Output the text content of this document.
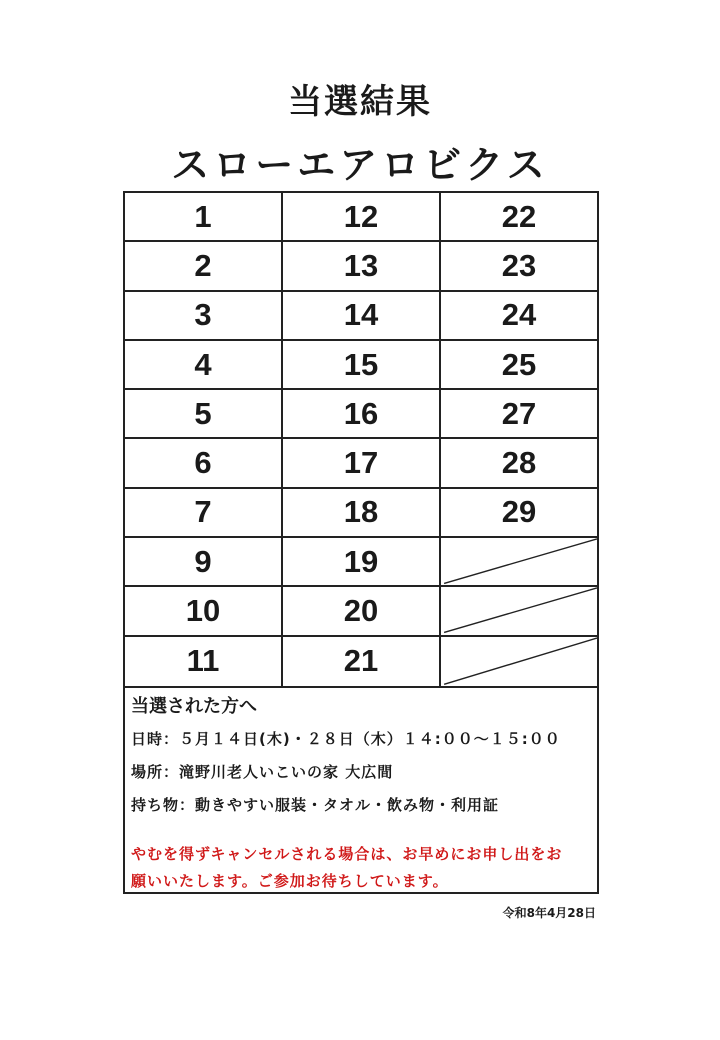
当選結果
スローエアロビクス
1	12	22
2	13	23
3	14	24
4	15	25
5	16	27
6	17	28
7	18	29
9	19
10	20
11	21
当選された方へ
日時：５月１４日(木)・２８日（木）１４:００～１５:００
場所：滝野川老人いこいの家 大広間
持ち物：動きやすい服装・タオル・飲み物・利用証
やむを得ずキャンセルされる場合は、お早めにお申し出をお
願いいたします。ご参加お待ちしています。
令和8年4月28日
